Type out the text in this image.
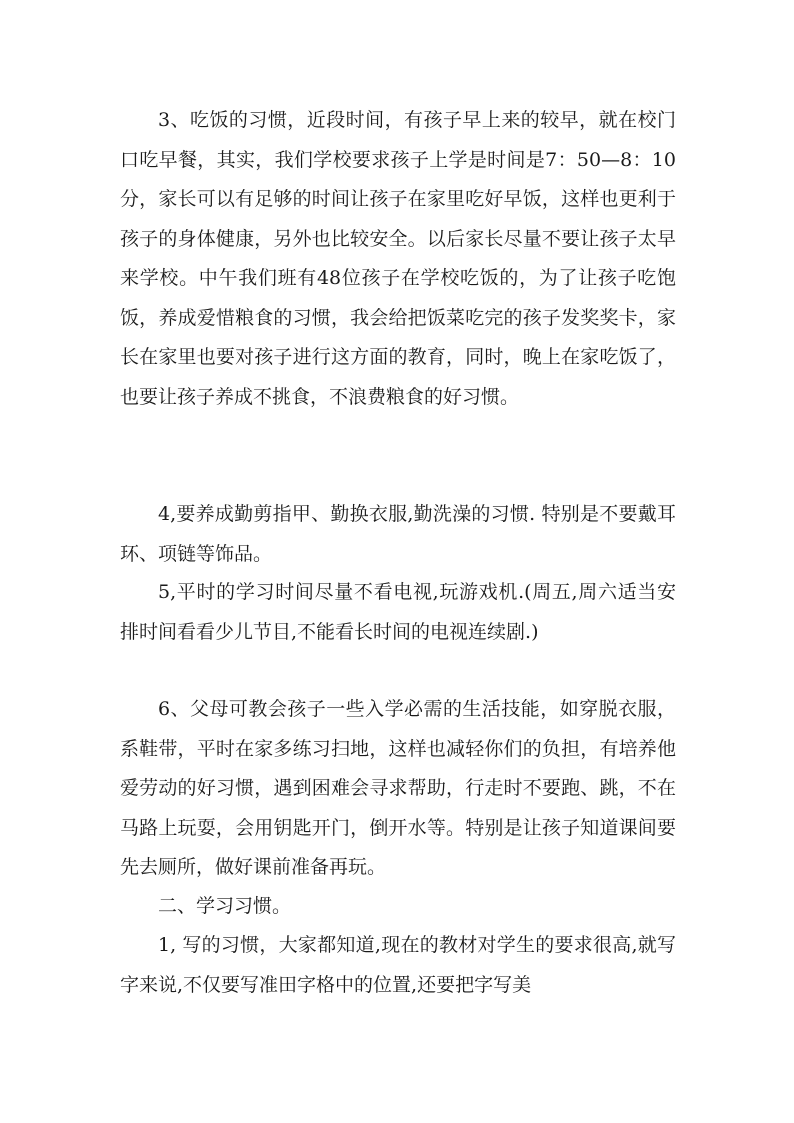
3、吃饭的习惯，近段时间，有孩子早上来的较早，就在校门口吃早餐，其实，我们学校要求孩子上学是时间是7：50—8：10分，家长可以有足够的时间让孩子在家里吃好早饭，这样也更利于孩子的身体健康，另外也比较安全。以后家长尽量不要让孩子太早来学校。中午我们班有48位孩子在学校吃饭的，为了让孩子吃饱饭，养成爱惜粮食的习惯，我会给把饭菜吃完的孩子发奖奖卡，家长在家里也要对孩子进行这方面的教育，同时，晚上在家吃饭了，也要让孩子养成不挑食，不浪费粮食的好习惯。

4,要养成勤剪指甲、勤换衣服,勤洗澡的习惯. 特别是不要戴耳环、项链等饰品。

5,平时的学习时间尽量不看电视,玩游戏机.(周五,周六适当安排时间看看少儿节目,不能看长时间的电视连续剧.)

6、父母可教会孩子一些入学必需的生活技能，如穿脱衣服，系鞋带，平时在家多练习扫地，这样也减轻你们的负担，有培养他爱劳动的好习惯，遇到困难会寻求帮助，行走时不要跑、跳，不在马路上玩耍，会用钥匙开门，倒开水等。特别是让孩子知道课间要先去厕所，做好课前准备再玩。

二、学习习惯。

1, 写的习惯，大家都知道,现在的教材对学生的要求很高,就写字来说,不仅要写准田字格中的位置,还要把字写美
